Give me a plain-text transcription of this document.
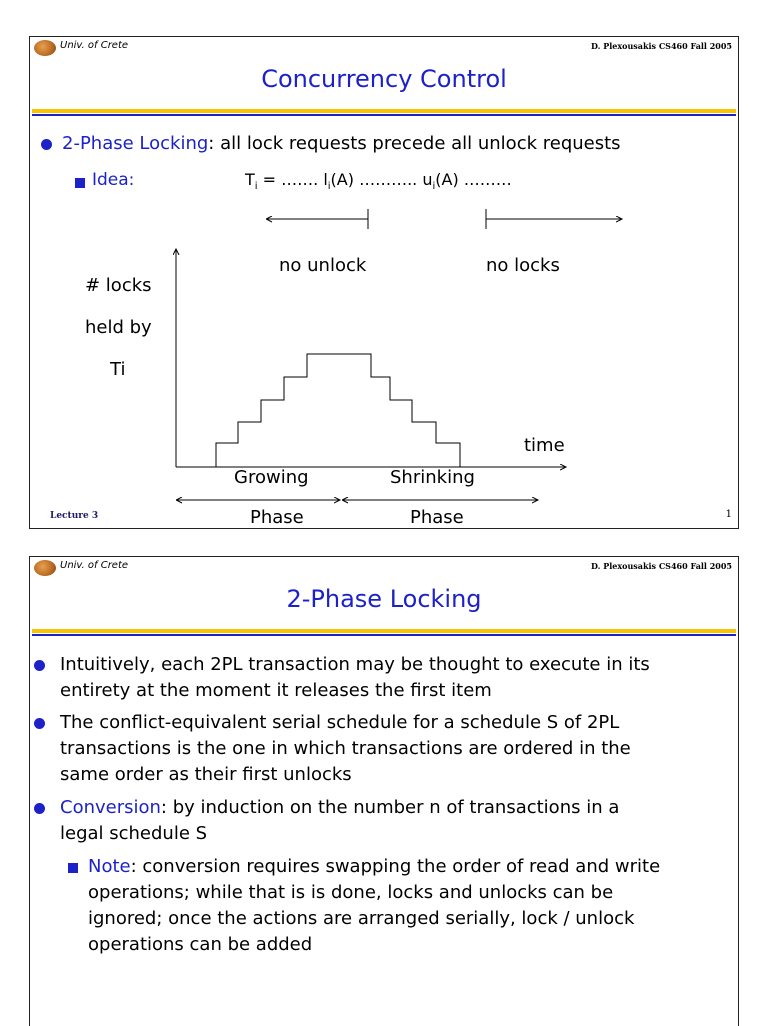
Univ. of Crete	D. Plexousakis CS460 Fall 2005
Concurrency Control
2-Phase Locking: all lock requests precede all unlock requests
Idea:	$T_i$ = ……. $l_i(A)$ ……….. $u_i(A)$ ………
no unlock	no locks
# locks
held by
Ti
time
Growing	Shrinking
Phase	Phase
Lecture 3	1
Univ. of Crete	D. Plexousakis CS460 Fall 2005
2-Phase Locking
Intuitively, each 2PL transaction may be thought to execute in its
entirety at the moment it releases the first item
The conflict-equivalent serial schedule for a schedule S of 2PL
transactions is the one in which transactions are ordered in the
same order as their first unlocks
Conversion: by induction on the number n of transactions in a
legal schedule S
Note: conversion requires swapping the order of read and write
operations; while that is is done, locks and unlocks can be
ignored; once the actions are arranged serially, lock / unlock
operations can be added
